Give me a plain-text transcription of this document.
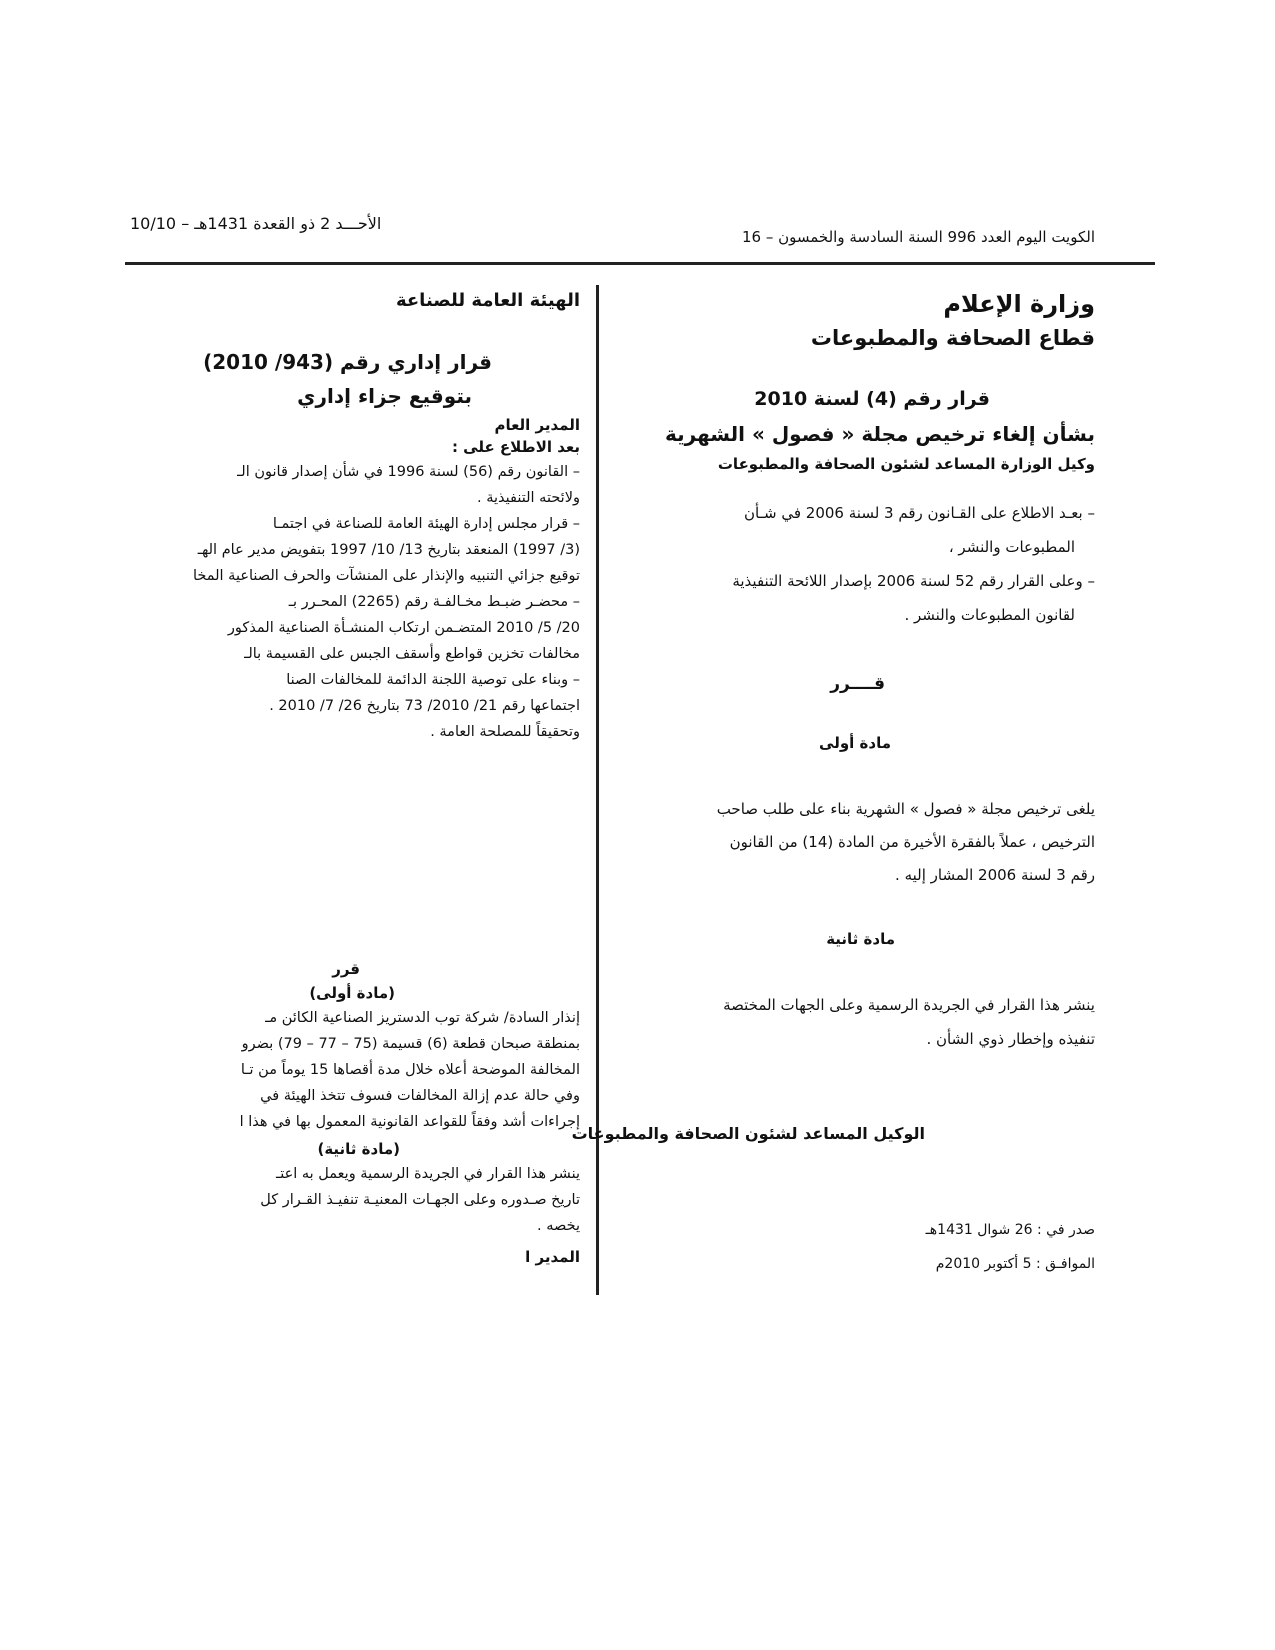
الكويت اليوم العدد 996 السنة السادسة والخمسون – 16
الأحـــد 2 ذو القعدة 1431هـ – 10/10
وزارة الإعلام
قطاع الصحافة والمطبوعات
قرار رقم (4) لسنة 2010
بشأن إلغاء ترخيص مجلة « فصول » الشهرية
وكيل الوزارة المساعد لشئون الصحافة والمطبوعات
– بعـد الاطلاع على القـانون رقم 3 لسنة 2006 في شـأن
المطبوعات والنشر ،
– وعلى القرار رقم 52 لسنة 2006 بإصدار اللائحة التنفيذية
لقانون المطبوعات والنشر .
قــــرر
مادة أولى
يلغى ترخيص مجلة « فصول » الشهرية بناء على طلب صاحب
الترخيص ، عملاً بالفقرة الأخيرة من المادة (14) من القانون
رقم 3 لسنة 2006 المشار إليه .
مادة ثانية
ينشر هذا القرار في الجريدة الرسمية وعلى الجهات المختصة
تنفيذه وإخطار ذوي الشأن .
الوكيل المساعد لشئون الصحافة والمطبوعات
صدر في : 26 شوال 1431هـ
الموافـق : 5 أكتوبر 2010م
الهيئة العامة للصناعة
قرار إداري رقم (943/ 2010)
بتوقيع جزاء إداري
المدير العام
بعد الاطلاع على :
– القانون رقم (56) لسنة 1996 في شأن إصدار قانون الـ
ولائحته التنفيذية .
– قرار مجلس إدارة الهيئة العامة للصناعة في اجتمـا
(3/ 1997) المنعقد بتاريخ 13/ 10/ 1997 بتفويض مدير عام الهـ
توقيع جزائي التنبيه والإنذار على المنشآت والحرف الصناعية المخا
– محضـر ضبـط مخـالفـة رقم (2265) المحـرر بـ
20/ 5/ 2010 المتضـمن ارتكاب المنشـأة الصناعية المذكور
مخالفات تخزين قواطع وأسقف الجبس على القسيمة بالـ
– وبناء على توصية اللجنة الدائمة للمخالفات الصنا
اجتماعها رقم 21/ 2010/ 73 بتاريخ 26/ 7/ 2010 .
وتحقيقاً للمصلحة العامة .
قرر
(مادة أولى)
إنذار السادة/ شركة توب الدستريز الصناعية الكائن مـ
بمنطقة صبحان قطعة (6) قسيمة (75 – 77 – 79) بضرو
المخالفة الموضحة أعلاه خلال مدة أقصاها 15 يوماً من تـا
وفي حالة عدم إزالة المخالفات فسوف تتخذ الهيئة في
إجراءات أشد وفقاً للقواعد القانونية المعمول بها في هذا ا
(مادة ثانية)
ينشر هذا القرار في الجريدة الرسمية ويعمل به اعتـ
تاريخ صـدوره وعلى الجهـات المعنيـة تنفيـذ القـرار كل
يخصه .
المدير ا
